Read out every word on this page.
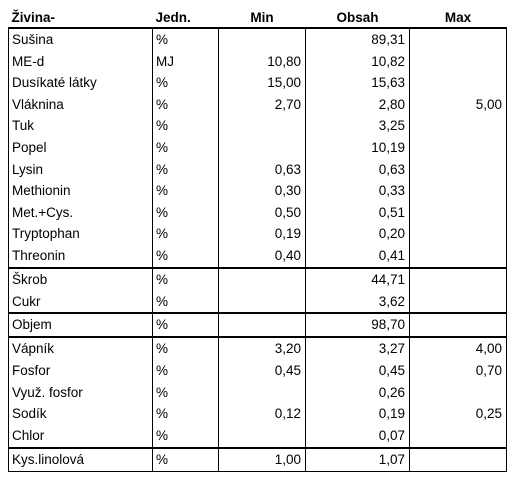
Živina-	Jedn.	Min	Obsah	Max
Sušina	%		89,31	
ME-d	MJ	10,80	10,82	
Dusíkaté látky	%	15,00	15,63	
Vláknina	%	2,70	2,80	5,00
Tuk	%		3,25	
Popel	%		10,19	
Lysin	%	0,63	0,63	
Methionin	%	0,30	0,33	
Met.+Cys.	%	0,50	0,51	
Tryptophan	%	0,19	0,20	
Threonin	%	0,40	0,41	
Škrob	%		44,71	
Cukr	%		3,62	
Objem	%		98,70	
Vápník	%	3,20	3,27	4,00
Fosfor	%	0,45	0,45	0,70
Využ. fosfor	%		0,26	
Sodík	%	0,12	0,19	0,25
Chlor	%		0,07	
Kys.linolová	%	1,00	1,07	
